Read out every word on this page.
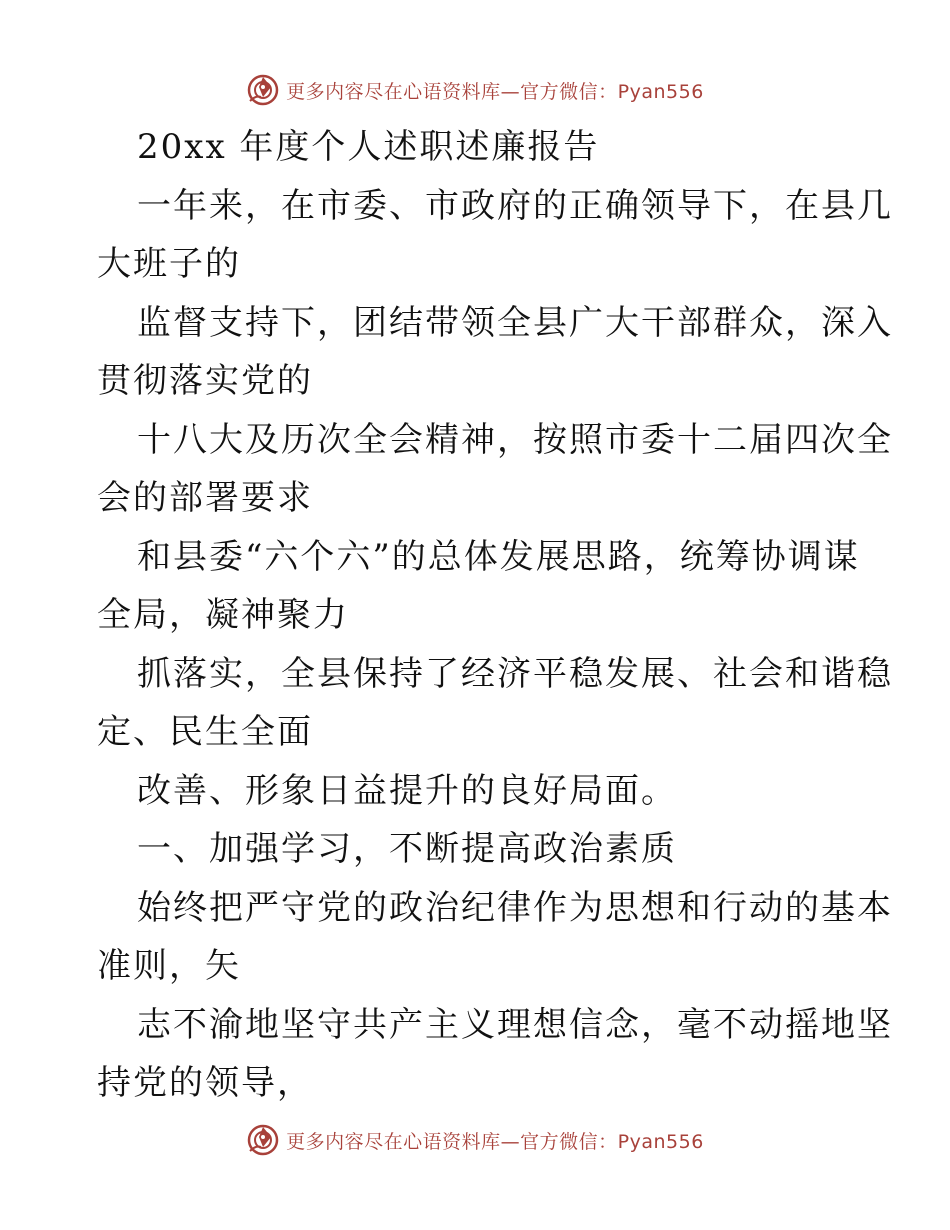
更多内容尽在心语资料库—官方微信：Pyan556
20xx 年度个人述职述廉报告
一年来，在市委、市政府的正确领导下，在县几
大班子的
监督支持下，团结带领全县广大干部群众，深入
贯彻落实党的
十八大及历次全会精神，按照市委十二届四次全
会的部署要求
和县委“六个六”的总体发展思路，统筹协调谋
全局，凝神聚力
抓落实，全县保持了经济平稳发展、社会和谐稳
定、民生全面
改善、形象日益提升的良好局面。
一、加强学习，不断提高政治素质
始终把严守党的政治纪律作为思想和行动的基本
准则，矢
志不渝地坚守共产主义理想信念，毫不动摇地坚
持党的领导，
更多内容尽在心语资料库—官方微信：Pyan556
